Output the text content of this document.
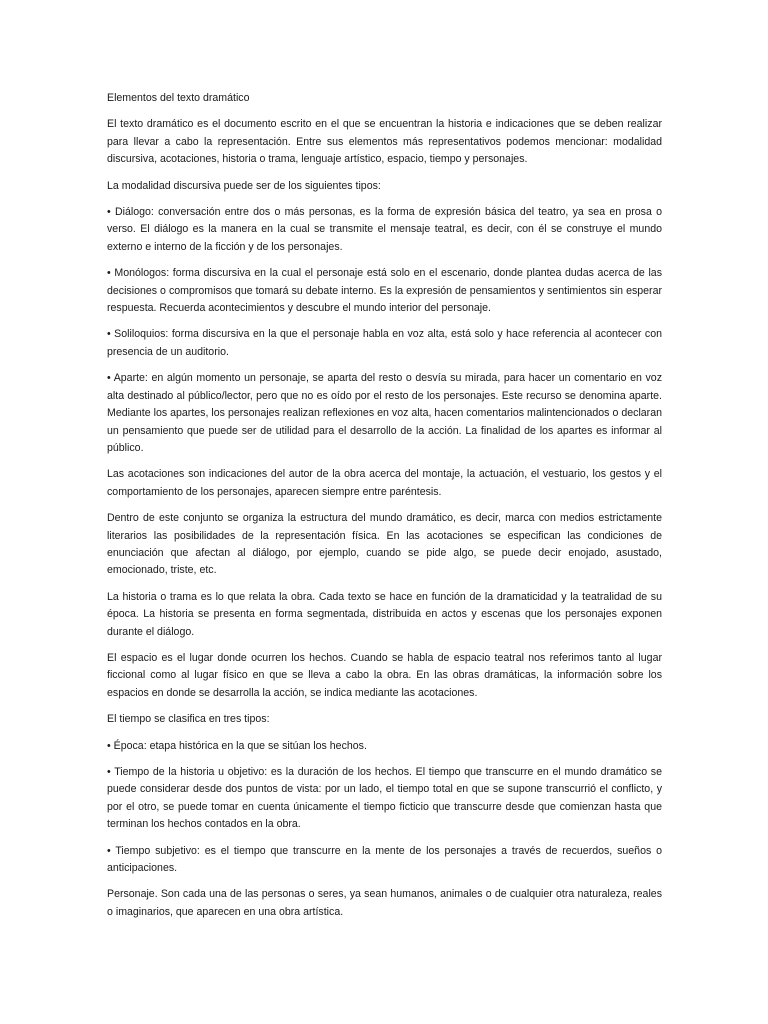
Elementos del texto dramático

El texto dramático es el documento escrito en el que se encuentran la historia e indicaciones que se deben realizar para llevar a cabo la representación. Entre sus elementos más representativos podemos mencionar: modalidad discursiva, acotaciones, historia o trama, lenguaje artístico, espacio, tiempo y personajes.

La modalidad discursiva puede ser de los siguientes tipos:

• Diálogo: conversación entre dos o más personas, es la forma de expresión básica del teatro, ya sea en prosa o verso. El diálogo es la manera en la cual se transmite el mensaje teatral, es decir, con él se construye el mundo externo e interno de la ficción y de los personajes.

• Monólogos: forma discursiva en la cual el personaje está solo en el escenario, donde plantea dudas acerca de las decisiones o compromisos que tomará su debate interno. Es la expresión de pensamientos y sentimientos sin esperar respuesta. Recuerda acontecimientos y descubre el mundo interior del personaje.

• Soliloquios: forma discursiva en la que el personaje habla en voz alta, está solo y hace referencia al acontecer con presencia de un auditorio.

• Aparte: en algún momento un personaje, se aparta del resto o desvía su mirada, para hacer un comentario en voz alta destinado al público/lector, pero que no es oído por el resto de los personajes. Este recurso se denomina aparte. Mediante los apartes, los personajes realizan reflexiones en voz alta, hacen comentarios malintencionados o declaran un pensamiento que puede ser de utilidad para el desarrollo de la acción. La finalidad de los apartes es informar al público.

Las acotaciones son indicaciones del autor de la obra acerca del montaje, la actuación, el vestuario, los gestos y el comportamiento de los personajes, aparecen siempre entre paréntesis.

Dentro de este conjunto se organiza la estructura del mundo dramático, es decir, marca con medios estrictamente literarios las posibilidades de la representación física. En las acotaciones se especifican las condiciones de enunciación que afectan al diálogo, por ejemplo, cuando se pide algo, se puede decir enojado, asustado, emocionado, triste, etc.

La historia o trama es lo que relata la obra. Cada texto se hace en función de la dramaticidad y la teatralidad de su época. La historia se presenta en forma segmentada, distribuida en actos y escenas que los personajes exponen durante el diálogo.

El espacio es el lugar donde ocurren los hechos. Cuando se habla de espacio teatral nos referimos tanto al lugar ficcional como al lugar físico en que se lleva a cabo la obra. En las obras dramáticas, la información sobre los espacios en donde se desarrolla la acción, se indica mediante las acotaciones.

El tiempo se clasifica en tres tipos:

• Época: etapa histórica en la que se sitúan los hechos.

• Tiempo de la historia u objetivo: es la duración de los hechos. El tiempo que transcurre en el mundo dramático se puede considerar desde dos puntos de vista: por un lado, el tiempo total en que se supone transcurrió el conflicto, y por el otro, se puede tomar en cuenta únicamente el tiempo ficticio que transcurre desde que comienzan hasta que terminan los hechos contados en la obra.

• Tiempo subjetivo: es el tiempo que transcurre en la mente de los personajes a través de recuerdos, sueños o anticipaciones.

Personaje. Son cada una de las personas o seres, ya sean humanos, animales o de cualquier otra naturaleza, reales o imaginarios, que aparecen en una obra artística.
